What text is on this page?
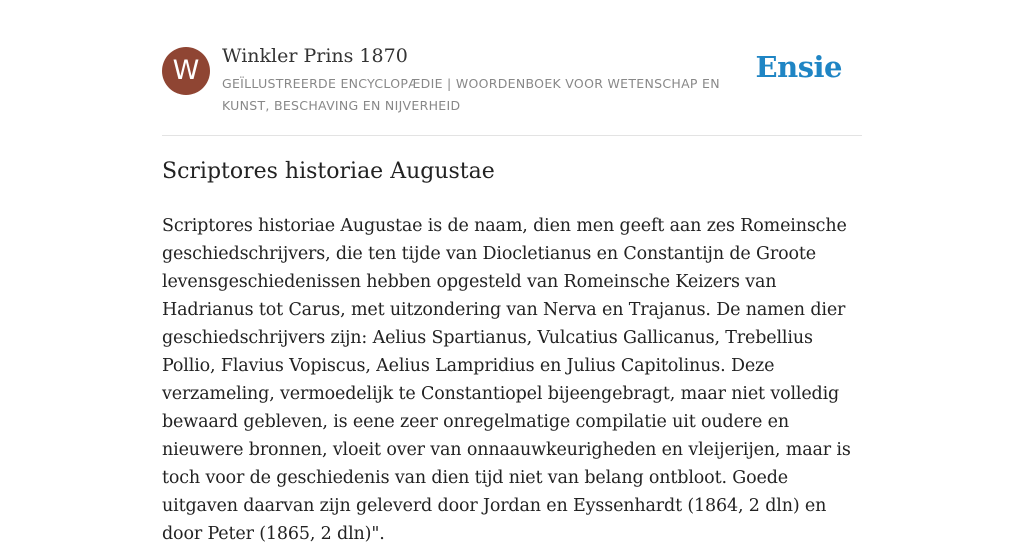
W	Winkler Prins 1870
GEÏLLUSTREERDE ENCYCLOPÆDIE | WOORDENBOEK VOOR WETENSCHAP EN KUNST, BESCHAVING EN NIJVERHEID
Ensie
Scriptores historiae Augustae

Scriptores historiae Augustae is de naam, dien men geeft aan zes Romeinsche geschiedschrijvers, die ten tijde van Diocletianus en Constantijn de Groote levensgeschiedenissen hebben opgesteld van Romeinsche Keizers van Hadrianus tot Carus, met uitzondering van Nerva en Trajanus. De namen dier geschiedschrijvers zijn: Aelius Spartianus, Vulcatius Gallicanus, Trebellius Pollio, Flavius Vopiscus, Aelius Lampridius en Julius Capitolinus. Deze verzameling, vermoedelijk te Constantiopel bijeengebragt, maar niet volledig bewaard gebleven, is eene zeer onregelmatige compilatie uit oudere en nieuwere bronnen, vloeit over van onnaauwkeurigheden en vleijerijen, maar is toch voor de geschiedenis van dien tijd niet van belang ontbloot. Goede uitgaven daarvan zijn geleverd door Jordan en Eyssenhardt (1864, 2 dln) en door Peter (1865, 2 dln)".
